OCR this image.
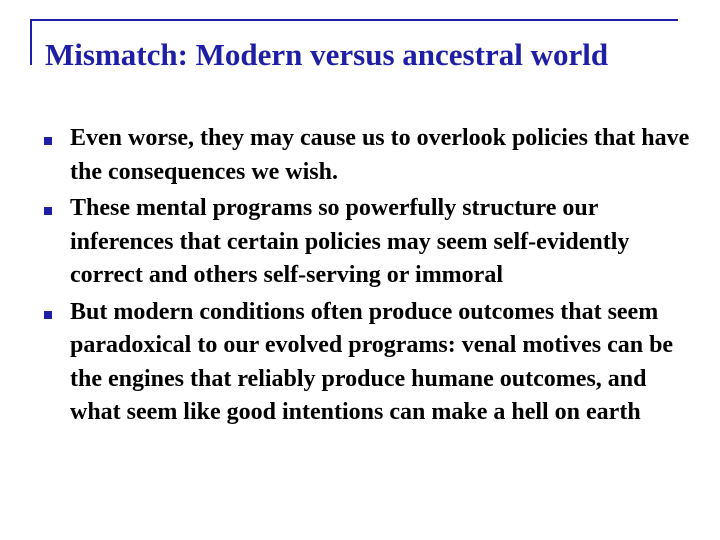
Mismatch: Modern versus ancestral world
Even worse, they may cause us to overlook policies that have the consequences we wish.
These mental programs so powerfully structure our inferences that certain policies may seem self-evidently correct and others self-serving or immoral
But modern conditions often produce outcomes that seem paradoxical to our evolved programs: venal motives can be the engines that reliably produce humane outcomes, and what seem like good intentions can make a hell on earth
